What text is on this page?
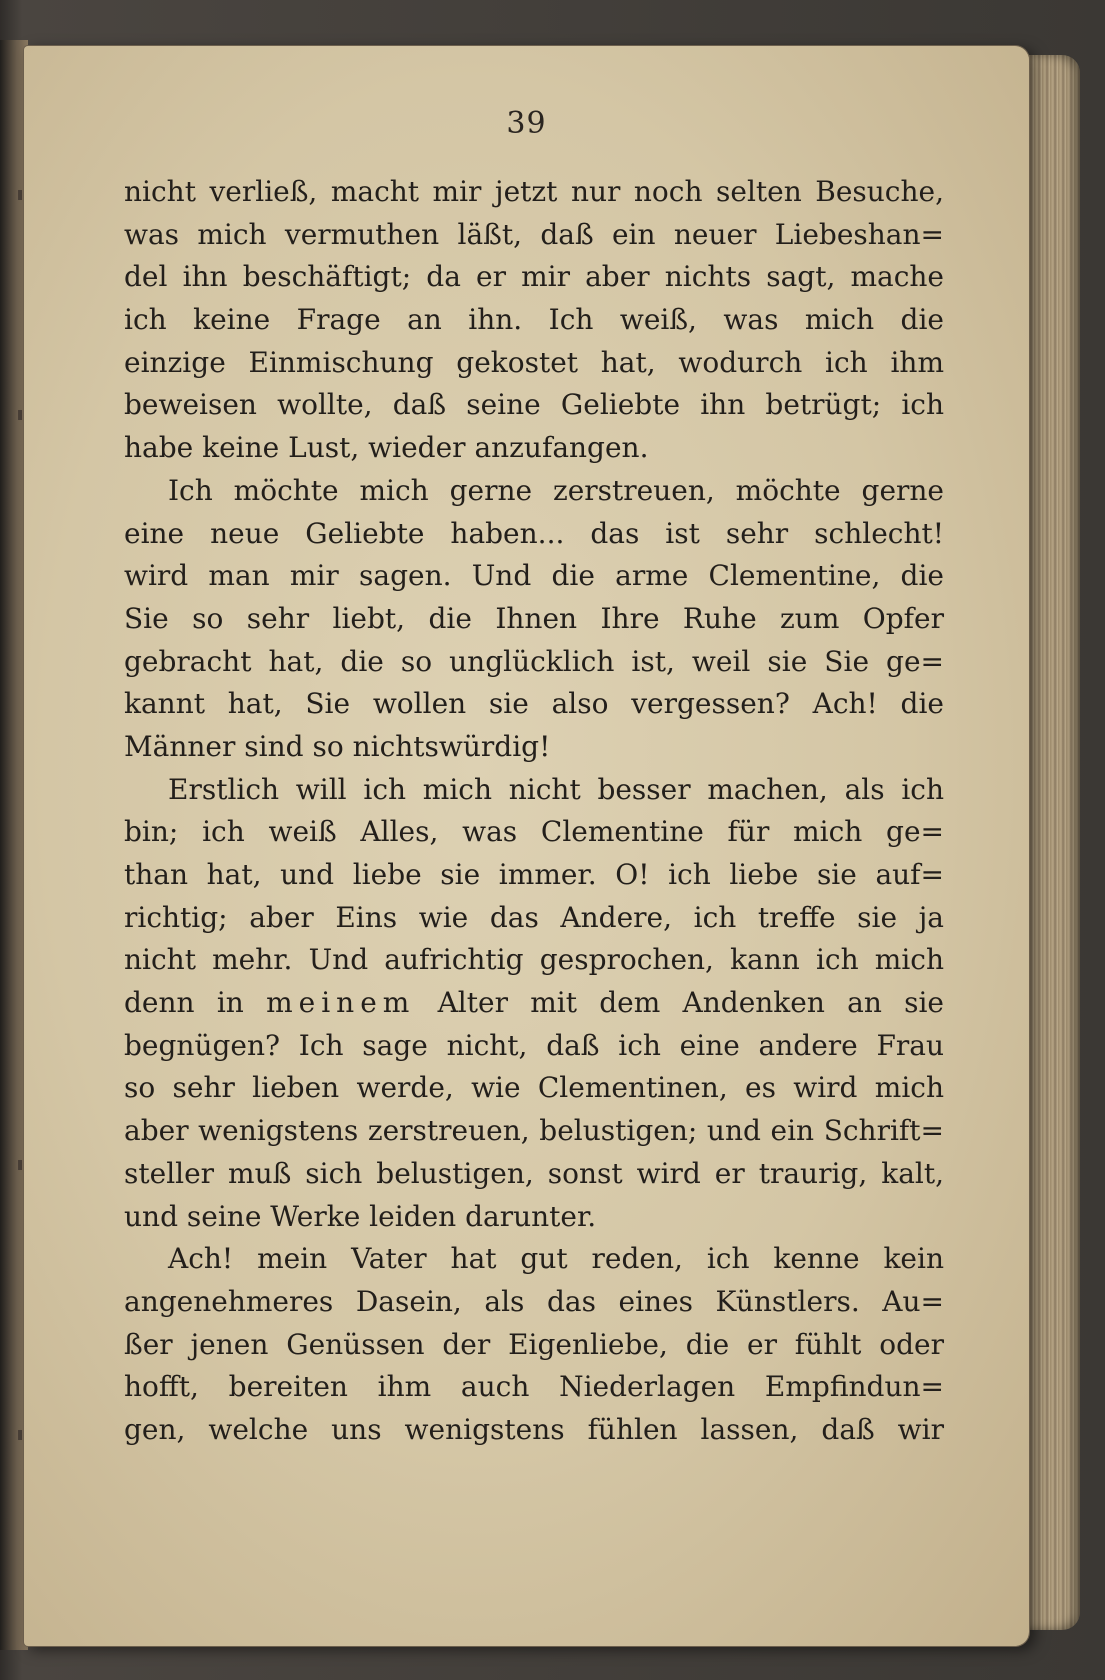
39
nicht verließ, macht mir jetzt nur noch selten Besuche,
was mich vermuthen läßt, daß ein neuer Liebeshan=
del ihn beschäftigt; da er mir aber nichts sagt, mache
ich keine Frage an ihn. Ich weiß, was mich die
einzige Einmischung gekostet hat, wodurch ich ihm
beweisen wollte, daß seine Geliebte ihn betrügt; ich
habe keine Lust, wieder anzufangen.
Ich möchte mich gerne zerstreuen, möchte gerne
eine neue Geliebte haben... das ist sehr schlecht!
wird man mir sagen. Und die arme Clementine, die
Sie so sehr liebt, die Ihnen Ihre Ruhe zum Opfer
gebracht hat, die so unglücklich ist, weil sie Sie ge=
kannt hat, Sie wollen sie also vergessen? Ach! die
Männer sind so nichtswürdig!
Erstlich will ich mich nicht besser machen, als ich
bin; ich weiß Alles, was Clementine für mich ge=
than hat, und liebe sie immer. O! ich liebe sie auf=
richtig; aber Eins wie das Andere, ich treffe sie ja
nicht mehr. Und aufrichtig gesprochen, kann ich mich
denn in meinem Alter mit dem Andenken an sie
begnügen? Ich sage nicht, daß ich eine andere Frau
so sehr lieben werde, wie Clementinen, es wird mich
aber wenigstens zerstreuen, belustigen; und ein Schrift=
steller muß sich belustigen, sonst wird er traurig, kalt,
und seine Werke leiden darunter.
Ach! mein Vater hat gut reden, ich kenne kein
angenehmeres Dasein, als das eines Künstlers. Au=
ßer jenen Genüssen der Eigenliebe, die er fühlt oder
hofft, bereiten ihm auch Niederlagen Empfindun=
gen, welche uns wenigstens fühlen lassen, daß wir
